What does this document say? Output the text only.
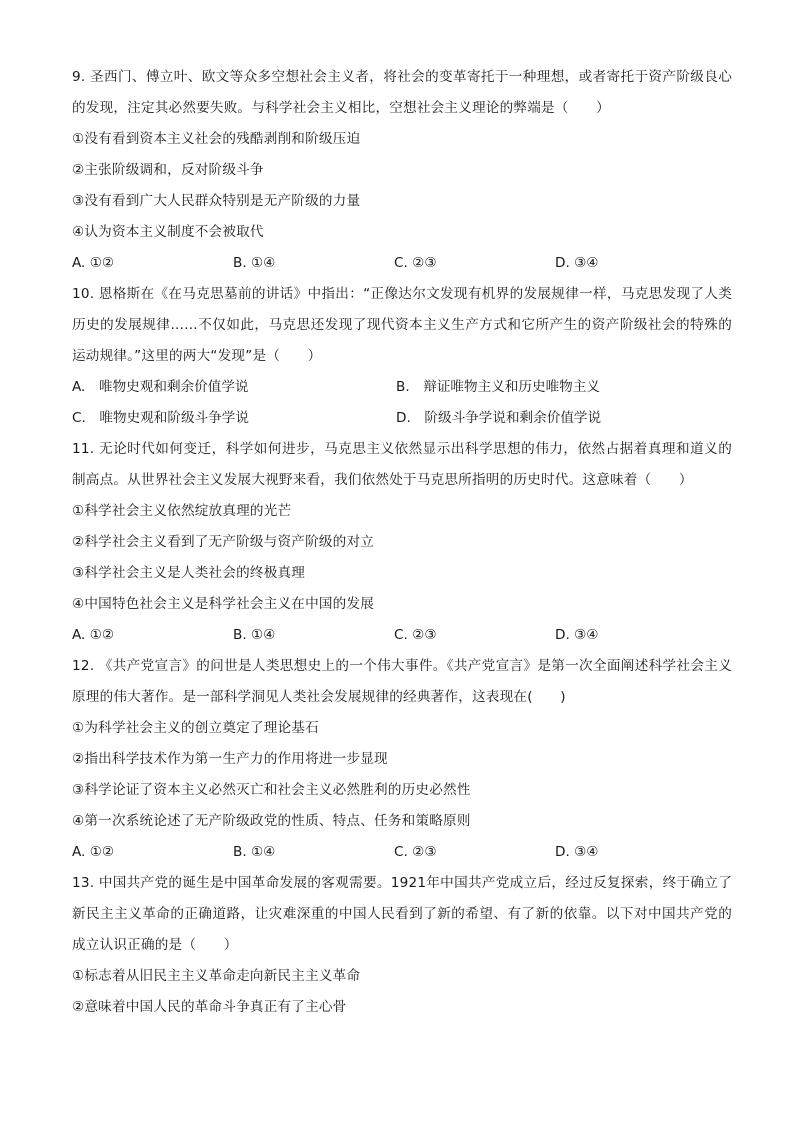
9. 圣西门、傅立叶、欧文等众多空想社会主义者，将社会的变革寄托于一种理想，或者寄托于资产阶级良心的发现，注定其必然要失败。与科学社会主义相比，空想社会主义理论的弊端是（　　）

①没有看到资本主义社会的残酷剥削和阶级压迫

②主张阶级调和，反对阶级斗争

③没有看到广大人民群众特别是无产阶级的力量

④认为资本主义制度不会被取代

A. ①②	B. ①④	C. ②③	D. ③④

10. 恩格斯在《在马克思墓前的讲话》中指出：“正像达尔文发现有机界的发展规律一样，马克思发现了人类历史的发展规律……不仅如此，马克思还发现了现代资本主义生产方式和它所产生的资产阶级社会的特殊的运动规律。”这里的两大“发现”是（　　）

A.　唯物史观和剩余价值学说	B.　辩证唯物主义和历史唯物主义
C.　唯物史观和阶级斗争学说	D.　阶级斗争学说和剩余价值学说

11. 无论时代如何变迁，科学如何进步，马克思主义依然显示出科学思想的伟力，依然占据着真理和道义的制高点。从世界社会主义发展大视野来看，我们依然处于马克思所指明的历史时代。这意味着（　　）

①科学社会主义依然绽放真理的光芒

②科学社会主义看到了无产阶级与资产阶级的对立

③科学社会主义是人类社会的终极真理

④中国特色社会主义是科学社会主义在中国的发展

A. ①②	B. ①④	C. ②③	D. ③④

12. 《共产党宣言》的问世是人类思想史上的一个伟大事件。《共产党宣言》是第一次全面阐述科学社会主义原理的伟大著作。是一部科学洞见人类社会发展规律的经典著作，这表现在(　　)

①为科学社会主义的创立奠定了理论基石

②指出科学技术作为第一生产力的作用将进一步显现

③科学论证了资本主义必然灭亡和社会主义必然胜利的历史必然性

④第一次系统论述了无产阶级政党的性质、特点、任务和策略原则

A. ①②	B. ①④	C. ②③	D. ③④

13. 中国共产党的诞生是中国革命发展的客观需要。1921年中国共产党成立后，经过反复探索，终于确立了新民主主义革命的正确道路，让灾难深重的中国人民看到了新的希望、有了新的依靠。以下对中国共产党的成立认识正确的是（　　）

①标志着从旧民主主义革命走向新民主主义革命

②意味着中国人民的革命斗争真正有了主心骨
